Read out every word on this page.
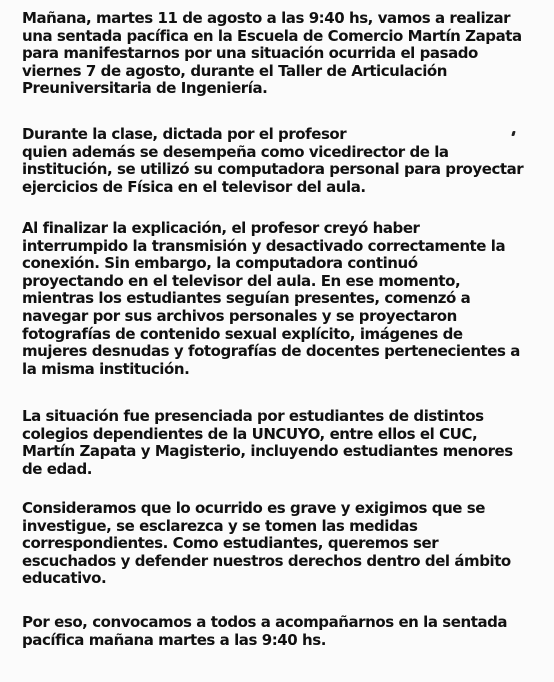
Mañana, martes 11 de agosto a las 9:40 hs, vamos a realizar
una sentada pacífica en la Escuela de Comercio Martín Zapata
para manifestarnos por una situación ocurrida el pasado
viernes 7 de agosto, durante el Taller de Articulación
Preuniversitaria de Ingeniería.

Durante la clase, dictada por el profesor
quien además se desempeña como vicedirector de la
institución, se utilizó su computadora personal para proyectar
ejercicios de Física en el televisor del aula.

Al finalizar la explicación, el profesor creyó haber
interrumpido la transmisión y desactivado correctamente la
conexión. Sin embargo, la computadora continuó
proyectando en el televisor del aula. En ese momento,
mientras los estudiantes seguían presentes, comenzó a
navegar por sus archivos personales y se proyectaron
fotografías de contenido sexual explícito, imágenes de
mujeres desnudas y fotografías de docentes pertenecientes a
la misma institución.

La situación fue presenciada por estudiantes de distintos
colegios dependientes de la UNCUYO, entre ellos el CUC,
Martín Zapata y Magisterio, incluyendo estudiantes menores
de edad.

Consideramos que lo ocurrido es grave y exigimos que se
investigue, se esclarezca y se tomen las medidas
correspondientes. Como estudiantes, queremos ser
escuchados y defender nuestros derechos dentro del ámbito
educativo.

Por eso, convocamos a todos a acompañarnos en la sentada
pacífica mañana martes a las 9:40 hs.
